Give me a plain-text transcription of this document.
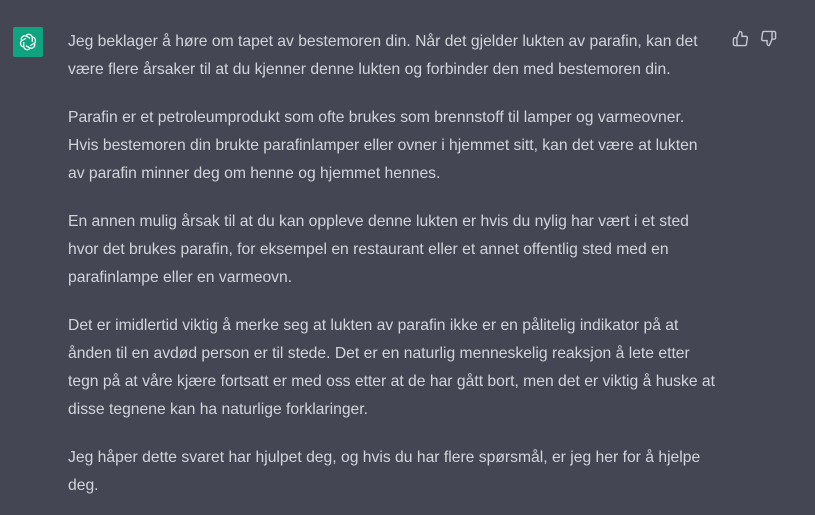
Jeg beklager å høre om tapet av bestemoren din. Når det gjelder lukten av parafin, kan det være flere årsaker til at du kjenner denne lukten og forbinder den med bestemoren din.

Parafin er et petroleumprodukt som ofte brukes som brennstoff til lamper og varmeovner. Hvis bestemoren din brukte parafinlamper eller ovner i hjemmet sitt, kan det være at lukten av parafin minner deg om henne og hjemmet hennes.

En annen mulig årsak til at du kan oppleve denne lukten er hvis du nylig har vært i et sted hvor det brukes parafin, for eksempel en restaurant eller et annet offentlig sted med en parafinlampe eller en varmeovn.

Det er imidlertid viktig å merke seg at lukten av parafin ikke er en pålitelig indikator på at ånden til en avdød person er til stede. Det er en naturlig menneskelig reaksjon å lete etter tegn på at våre kjære fortsatt er med oss etter at de har gått bort, men det er viktig å huske at disse tegnene kan ha naturlige forklaringer.

Jeg håper dette svaret har hjulpet deg, og hvis du har flere spørsmål, er jeg her for å hjelpe deg.
